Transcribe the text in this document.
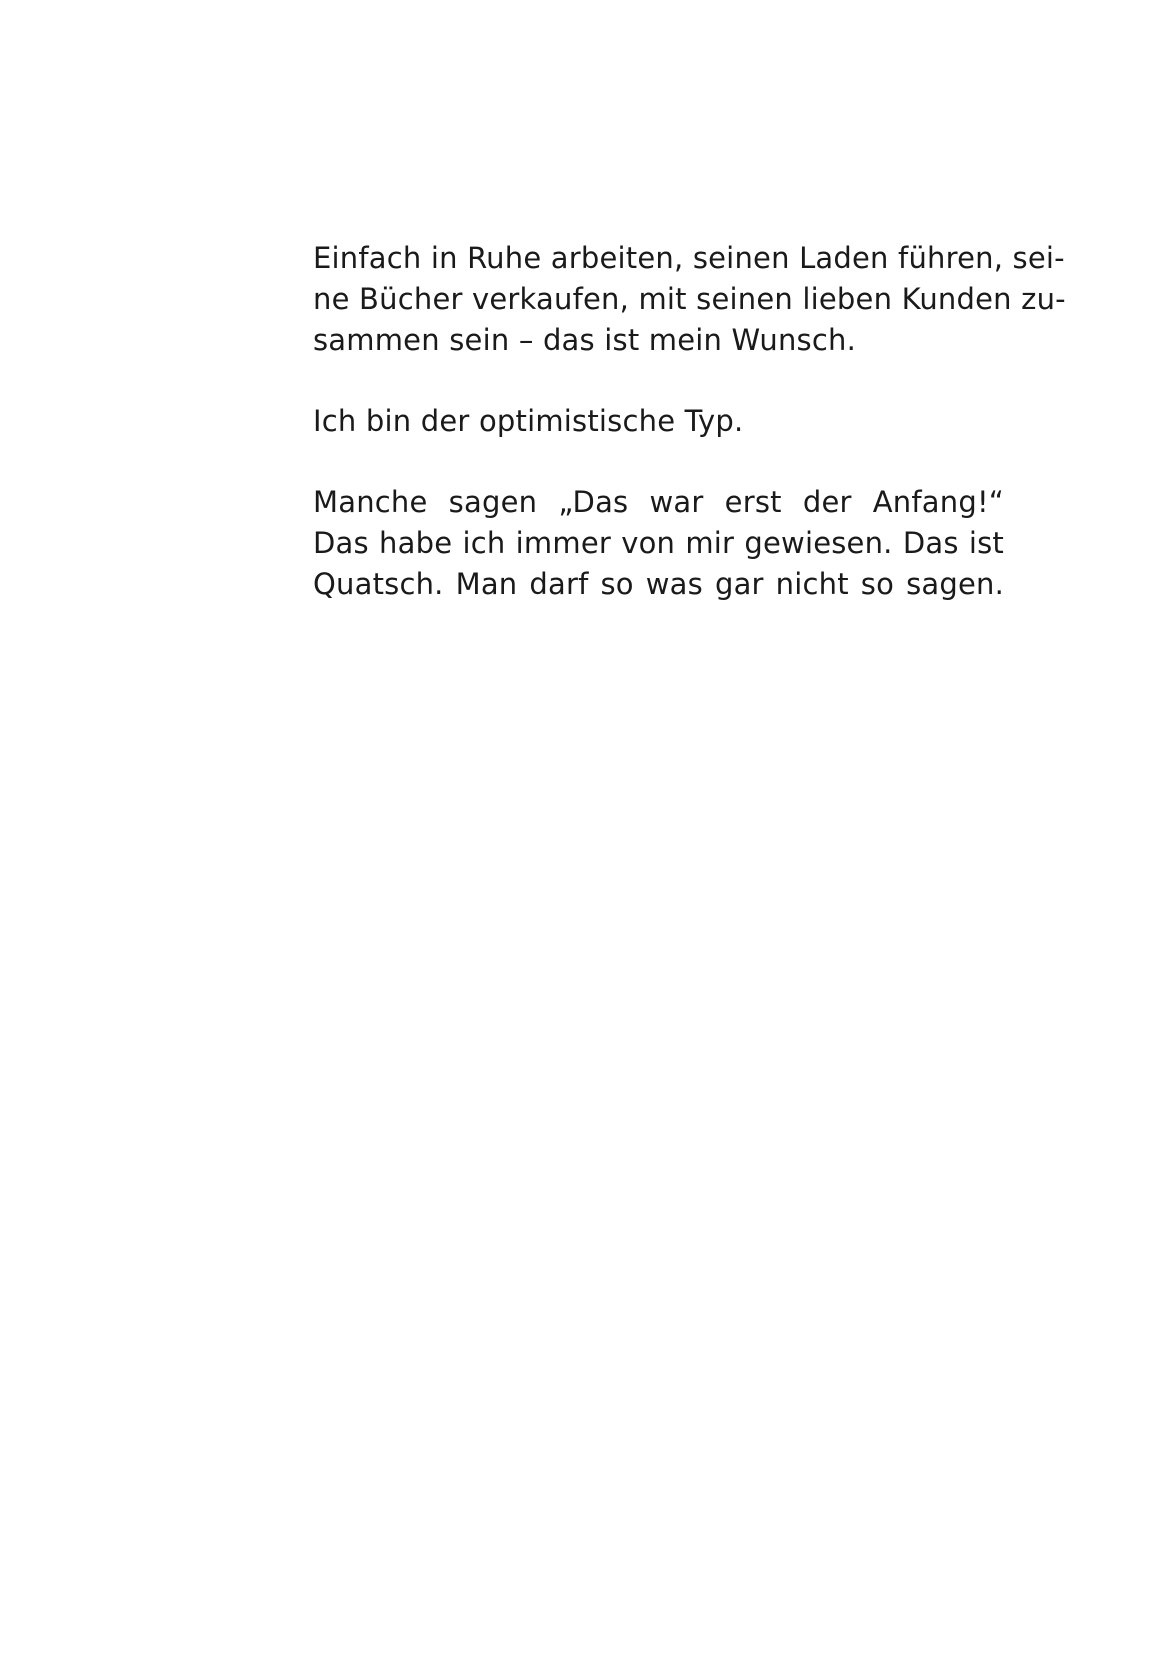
Einfach in Ruhe arbeiten, seinen Laden führen, sei-
ne Bücher verkaufen, mit seinen lieben Kunden zu-
sammen sein – das ist mein Wunsch.

Ich bin der optimistische Typ.

Manche sagen „Das war erst der Anfang!“
Das habe ich immer von mir gewiesen. Das ist
Quatsch. Man darf so was gar nicht so sagen.
